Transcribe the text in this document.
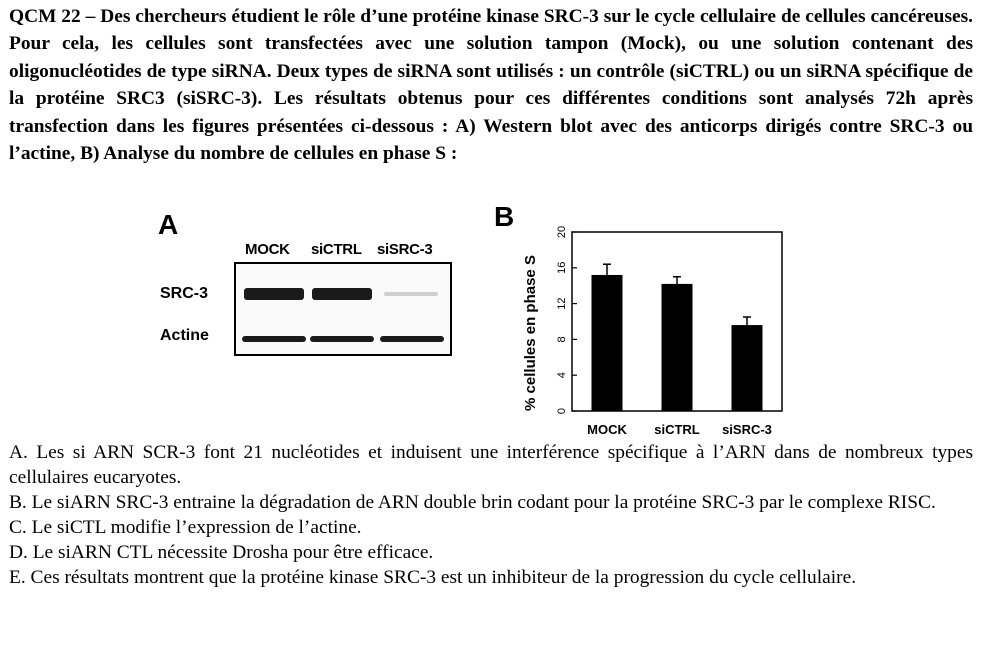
QCM 22 – Des chercheurs étudient le rôle d’une protéine kinase SRC-3 sur le cycle cellulaire de cellules cancéreuses. Pour cela, les cellules sont transfectées avec une solution tampon (Mock), ou une solution contenant des oligonucléotides de type siRNA. Deux types de siRNA sont utilisés : un contrôle (siCTRL) ou un siRNA spécifique de la protéine SRC3 (siSRC-3). Les résultats obtenus pour ces différentes conditions sont analysés 72h après transfection dans les figures présentées ci-dessous : A) Western blot avec des anticorps dirigés contre SRC-3 ou l’actine, B) Analyse du nombre de cellules en phase S :

A
MOCK siCTRL siSRC-3
SRC-3
Actine
B
% cellules en phase S
0
4
8
12
16
20
MOCK siCTRL siSRC-3

A. Les si ARN SCR-3 font 21 nucléotides et induisent une interférence spécifique à l’ARN dans de nombreux types cellulaires eucaryotes.

B. Le siARN SRC-3 entraine la dégradation de ARN double brin codant pour la protéine SRC-3 par le complexe RISC.

C. Le siCTL modifie l’expression de l’actine.

D. Le siARN CTL nécessite Drosha pour être efficace.

E. Ces résultats montrent que la protéine kinase SRC-3 est un inhibiteur de la progression du cycle cellulaire.
